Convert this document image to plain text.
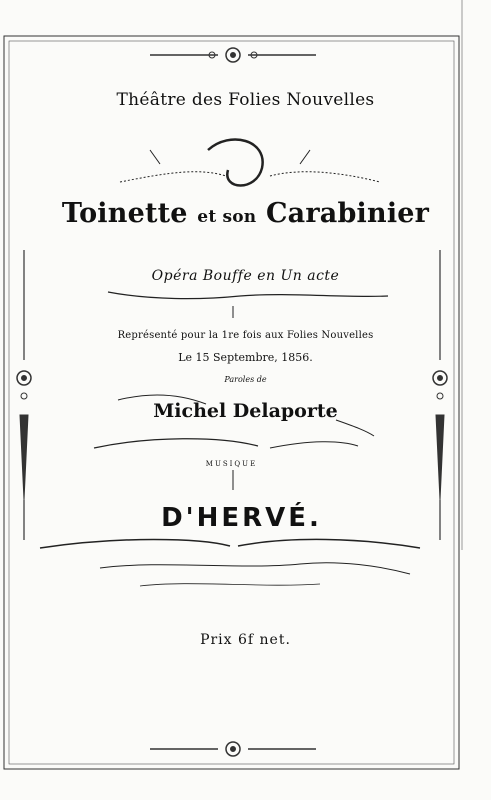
Théâtre des Folies Nouvelles
Toinette et son Carabinier
Opéra Bouffe en Un acte
Représenté pour la 1re fois aux Folies Nouvelles
Le 15 Septembre, 1856.
Paroles de
Michel Delaporte
MUSIQUE
D'HERVÉ.
Prix 6f net.
